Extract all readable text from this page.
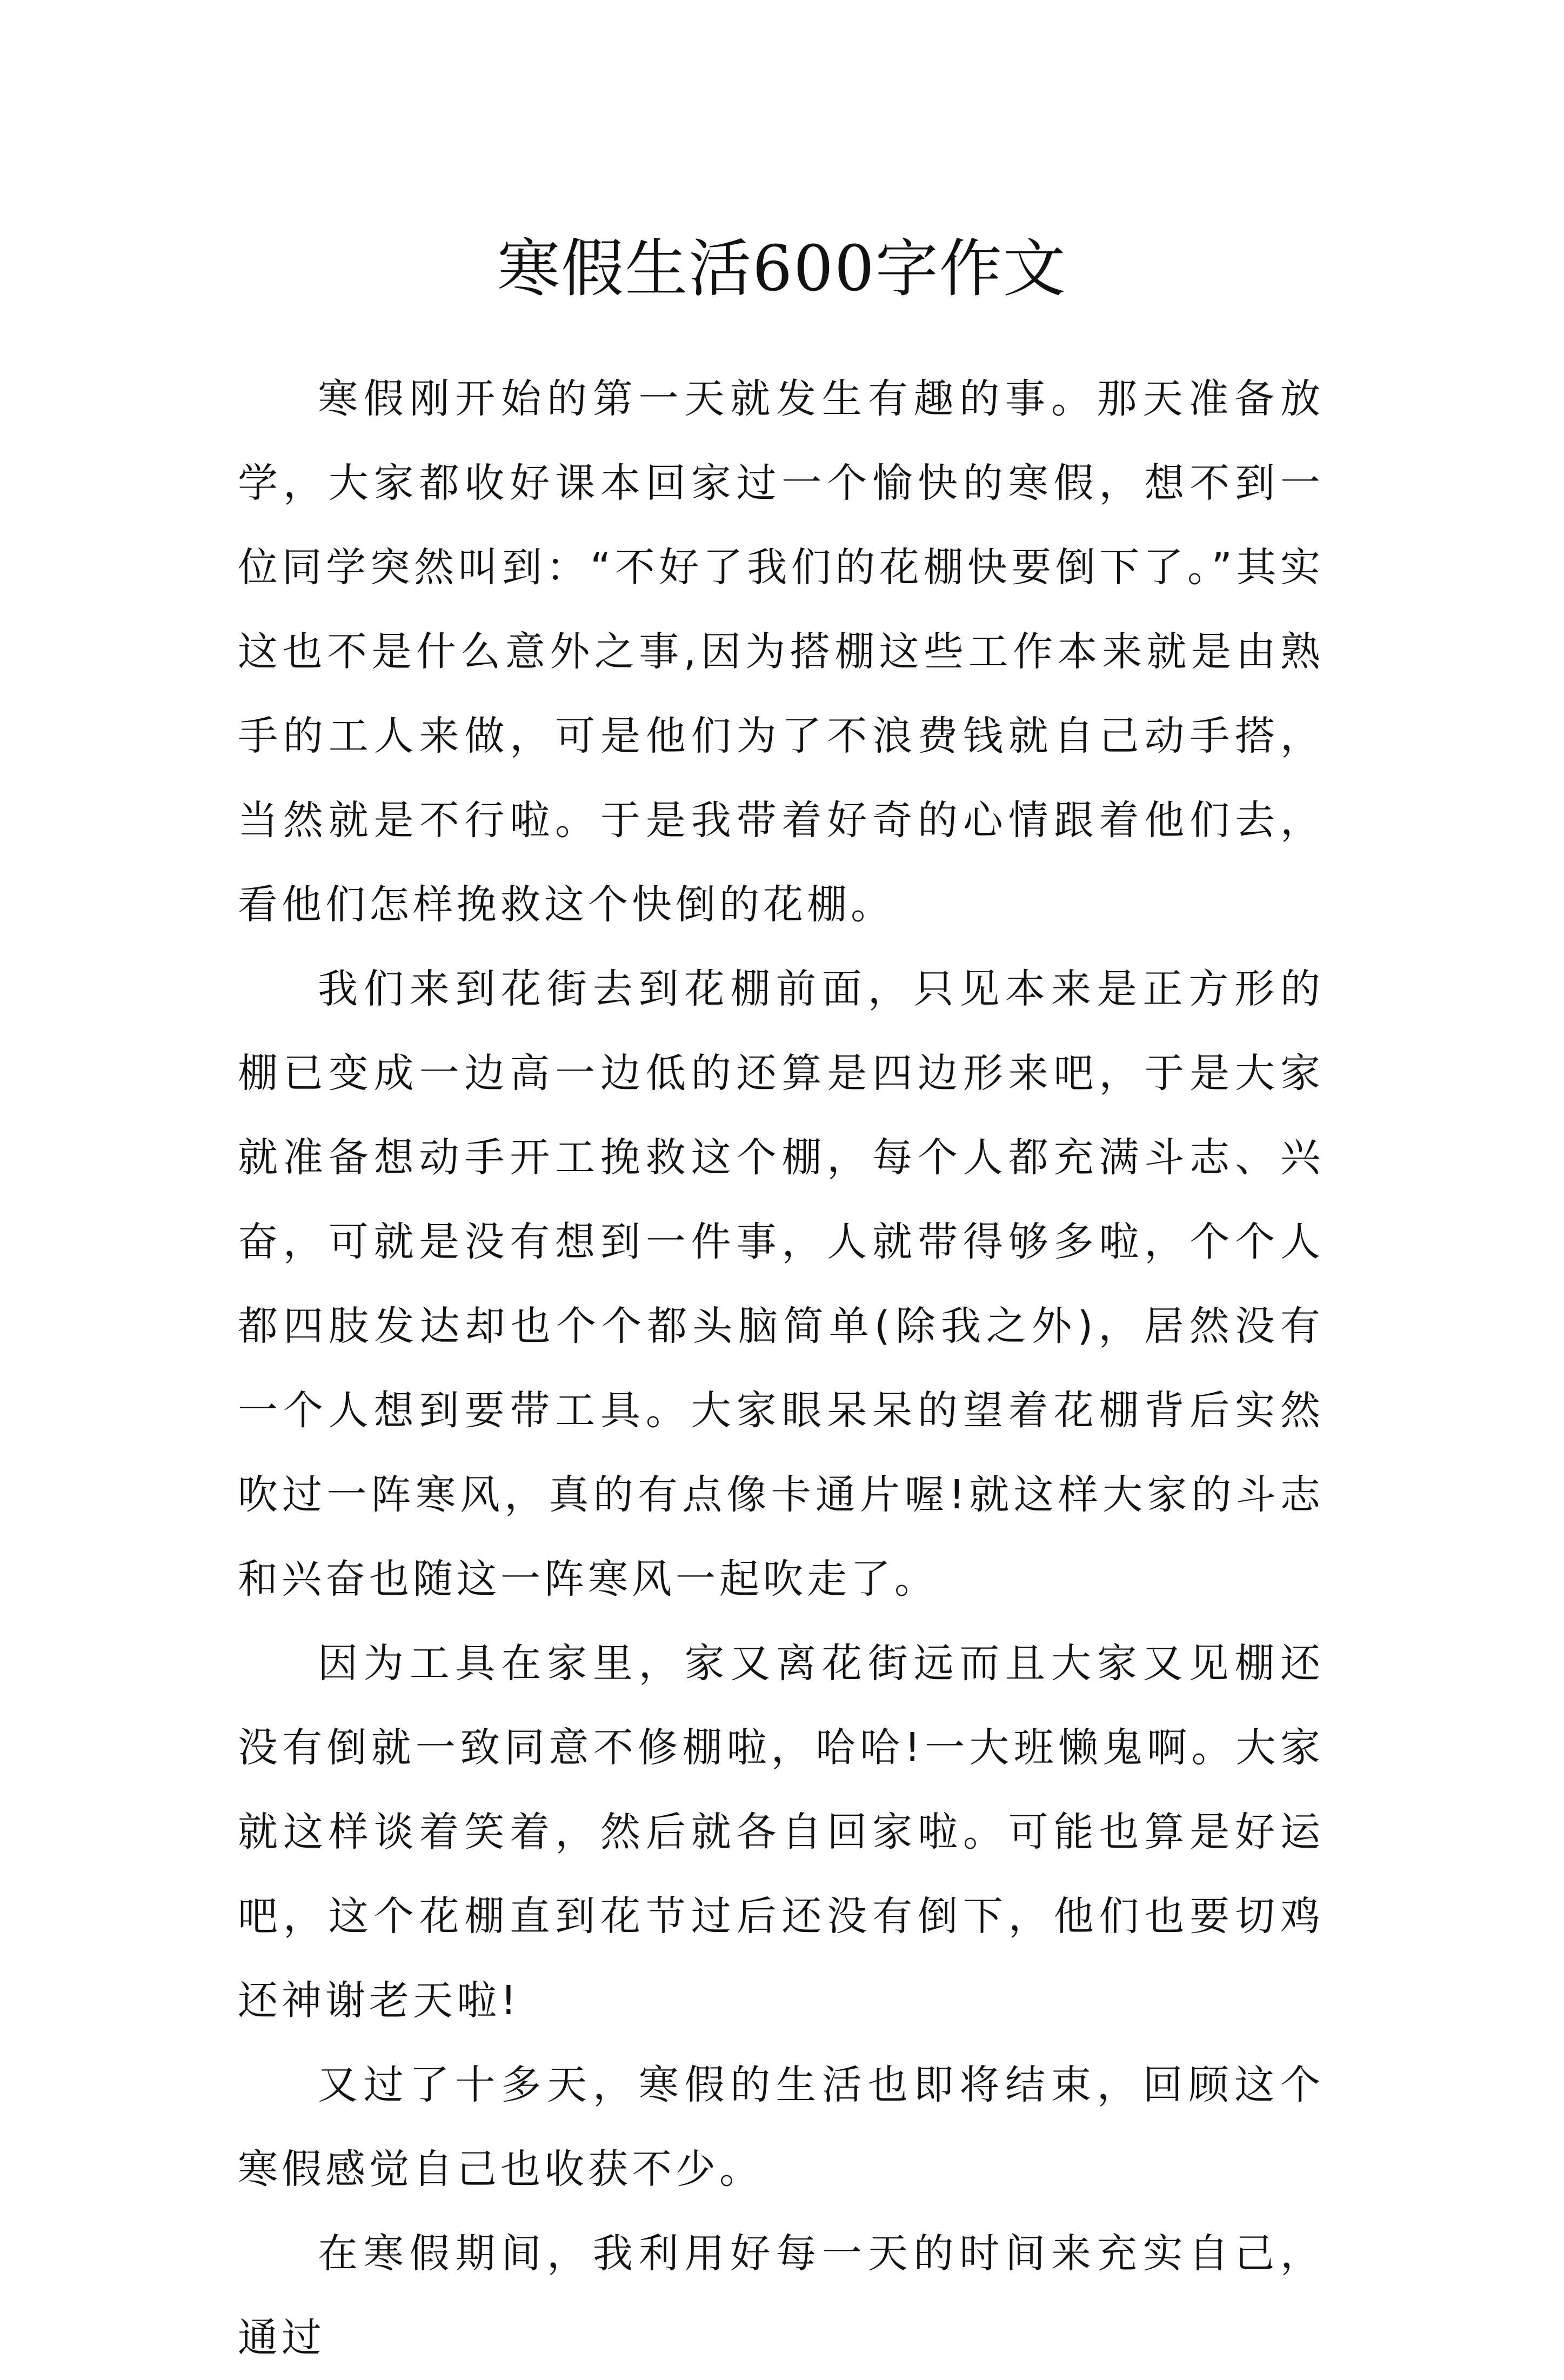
寒假生活600字作文

寒假刚开始的第一天就发生有趣的事。那天准备放学，大家都收好课本回家过一个愉快的寒假，想不到一位同学突然叫到：“不好了我们的花棚快要倒下了。”其实这也不是什么意外之事,因为搭棚这些工作本来就是由熟手的工人来做，可是他们为了不浪费钱就自己动手搭，当然就是不行啦。于是我带着好奇的心情跟着他们去，看他们怎样挽救这个快倒的花棚。

我们来到花街去到花棚前面，只见本来是正方形的棚已变成一边高一边低的还算是四边形来吧，于是大家就准备想动手开工挽救这个棚，每个人都充满斗志、兴奋，可就是没有想到一件事，人就带得够多啦，个个人都四肢发达却也个个都头脑简单(除我之外)，居然没有一个人想到要带工具。大家眼呆呆的望着花棚背后实然吹过一阵寒风，真的有点像卡通片喔!就这样大家的斗志和兴奋也随这一阵寒风一起吹走了。

因为工具在家里，家又离花街远而且大家又见棚还没有倒就一致同意不修棚啦，哈哈!一大班懒鬼啊。大家就这样谈着笑着，然后就各自回家啦。可能也算是好运吧，这个花棚直到花节过后还没有倒下，他们也要切鸡还神谢老天啦!

又过了十多天，寒假的生活也即将结束，回顾这个寒假感觉自己也收获不少。

在寒假期间，我利用好每一天的时间来充实自己，通过
